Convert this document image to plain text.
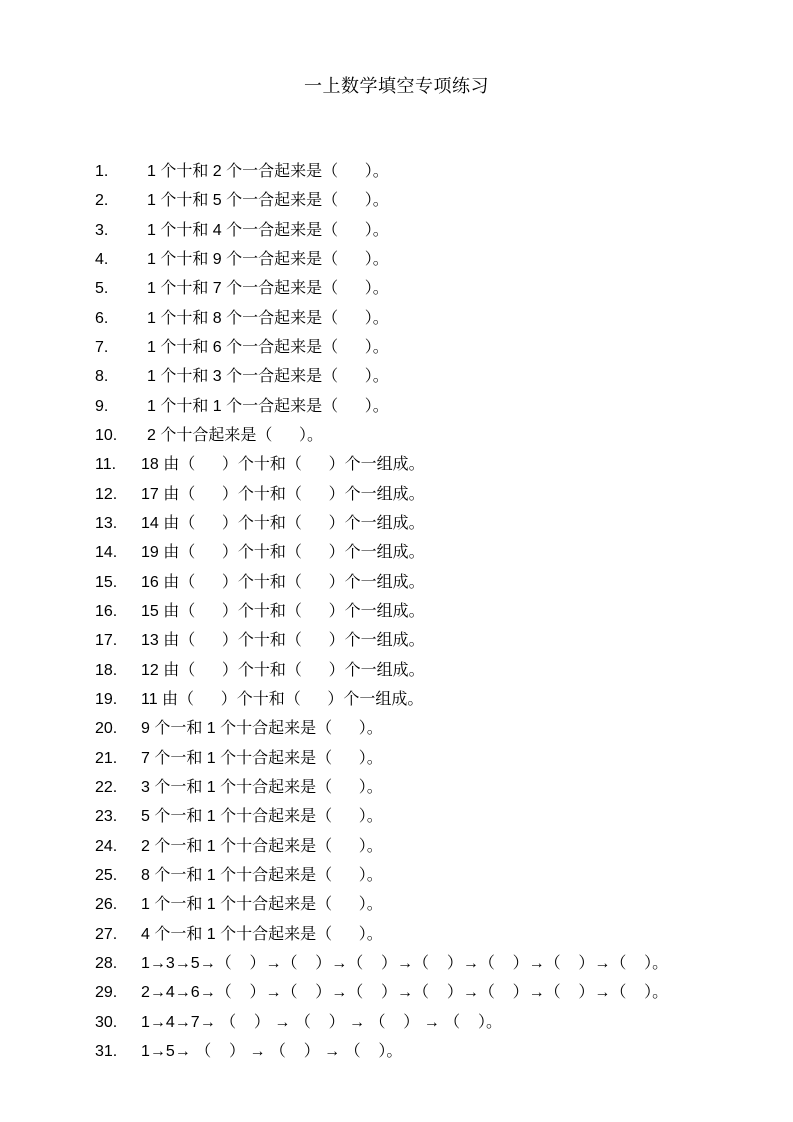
一上数学填空专项练习
1. 1 个十和 2 个一合起来是（      ）。
2. 1 个十和 5 个一合起来是（      ）。
3. 1 个十和 4 个一合起来是（      ）。
4. 1 个十和 9 个一合起来是（      ）。
5. 1 个十和 7 个一合起来是（      ）。
6. 1 个十和 8 个一合起来是（      ）。
7. 1 个十和 6 个一合起来是（      ）。
8. 1 个十和 3 个一合起来是（      ）。
9. 1 个十和 1 个一合起来是（      ）。
10. 2 个十合起来是（      ）。
11. 18 由（      ）个十和（      ）个一组成。
12. 17 由（      ）个十和（      ）个一组成。
13. 14 由（      ）个十和（      ）个一组成。
14. 19 由（      ）个十和（      ）个一组成。
15. 16 由（      ）个十和（      ）个一组成。
16. 15 由（      ）个十和（      ）个一组成。
17. 13 由（      ）个十和（      ）个一组成。
18. 12 由（      ）个十和（      ）个一组成。
19. 11 由（      ）个十和（      ）个一组成。
20. 9 个一和 1 个十合起来是（      ）。
21. 7 个一和 1 个十合起来是（      ）。
22. 3 个一和 1 个十合起来是（      ）。
23. 5 个一和 1 个十合起来是（      ）。
24. 2 个一和 1 个十合起来是（      ）。
25. 8 个一和 1 个十合起来是（      ）。
26. 1 个一和 1 个十合起来是（      ）。
27. 4 个一和 1 个十合起来是（      ）。
28. 1→3→5→（    ）→（    ）→（    ）→（    ）→（    ）→（    ）→（    ）。
29. 2→4→6→（    ）→（    ）→（    ）→（    ）→（    ）→（    ）→（    ）。
30. 1→4→7→ （    ） → （    ） → （    ） → （    ）。
31. 1→5→ （    ） → （    ） → （    ）。
